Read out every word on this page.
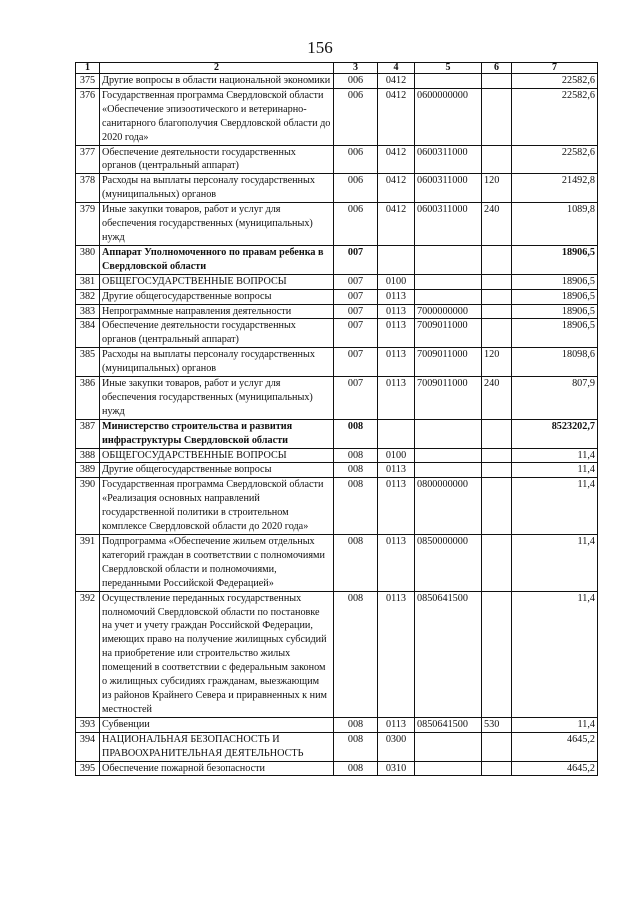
156
1	2	3	4	5	6	7
375	Другие вопросы в области национальной экономики	006	0412			22582,6
376	Государственная программа Свердловской области «Обеспечение эпизоотического и ветеринарно-санитарного благополучия Свердловской области до 2020 года»	006	0412	0600000000		22582,6
377	Обеспечение деятельности государственных органов (центральный аппарат)	006	0412	0600311000		22582,6
378	Расходы на выплаты персоналу государственных (муниципальных) органов	006	0412	0600311000	120	21492,8
379	Иные закупки товаров, работ и услуг для обеспечения государственных (муниципальных) нужд	006	0412	0600311000	240	1089,8
380	Аппарат Уполномоченного по правам ребенка в Свердловской области	007				18906,5
381	ОБЩЕГОСУДАРСТВЕННЫЕ ВОПРОСЫ	007	0100			18906,5
382	Другие общегосударственные вопросы	007	0113			18906,5
383	Непрограммные направления деятельности	007	0113	7000000000		18906,5
384	Обеспечение деятельности государственных органов (центральный аппарат)	007	0113	7009011000		18906,5
385	Расходы на выплаты персоналу государственных (муниципальных) органов	007	0113	7009011000	120	18098,6
386	Иные закупки товаров, работ и услуг для обеспечения государственных (муниципальных) нужд	007	0113	7009011000	240	807,9
387	Министерство строительства и развития инфраструктуры Свердловской области	008				8523202,7
388	ОБЩЕГОСУДАРСТВЕННЫЕ ВОПРОСЫ	008	0100			11,4
389	Другие общегосударственные вопросы	008	0113			11,4
390	Государственная программа Свердловской области «Реализация основных направлений государственной политики в строительном комплексе Свердловской области до 2020 года»	008	0113	0800000000		11,4
391	Подпрограмма «Обеспечение жильем отдельных категорий граждан в соответствии с полномочиями Свердловской области и полномочиями, переданными Российской Федерацией»	008	0113	0850000000		11,4
392	Осуществление переданных государственных полномочий Свердловской области по постановке на учет и учету граждан Российской Федерации, имеющих право на получение жилищных субсидий на приобретение или строительство жилых помещений в соответствии с федеральным законом о жилищных субсидиях гражданам, выезжающим из районов Крайнего Севера и приравненных к ним местностей	008	0113	0850641500		11,4
393	Субвенции	008	0113	0850641500	530	11,4
394	НАЦИОНАЛЬНАЯ БЕЗОПАСНОСТЬ И ПРАВООХРАНИТЕЛЬНАЯ ДЕЯТЕЛЬНОСТЬ	008	0300			4645,2
395	Обеспечение пожарной безопасности	008	0310			4645,2
